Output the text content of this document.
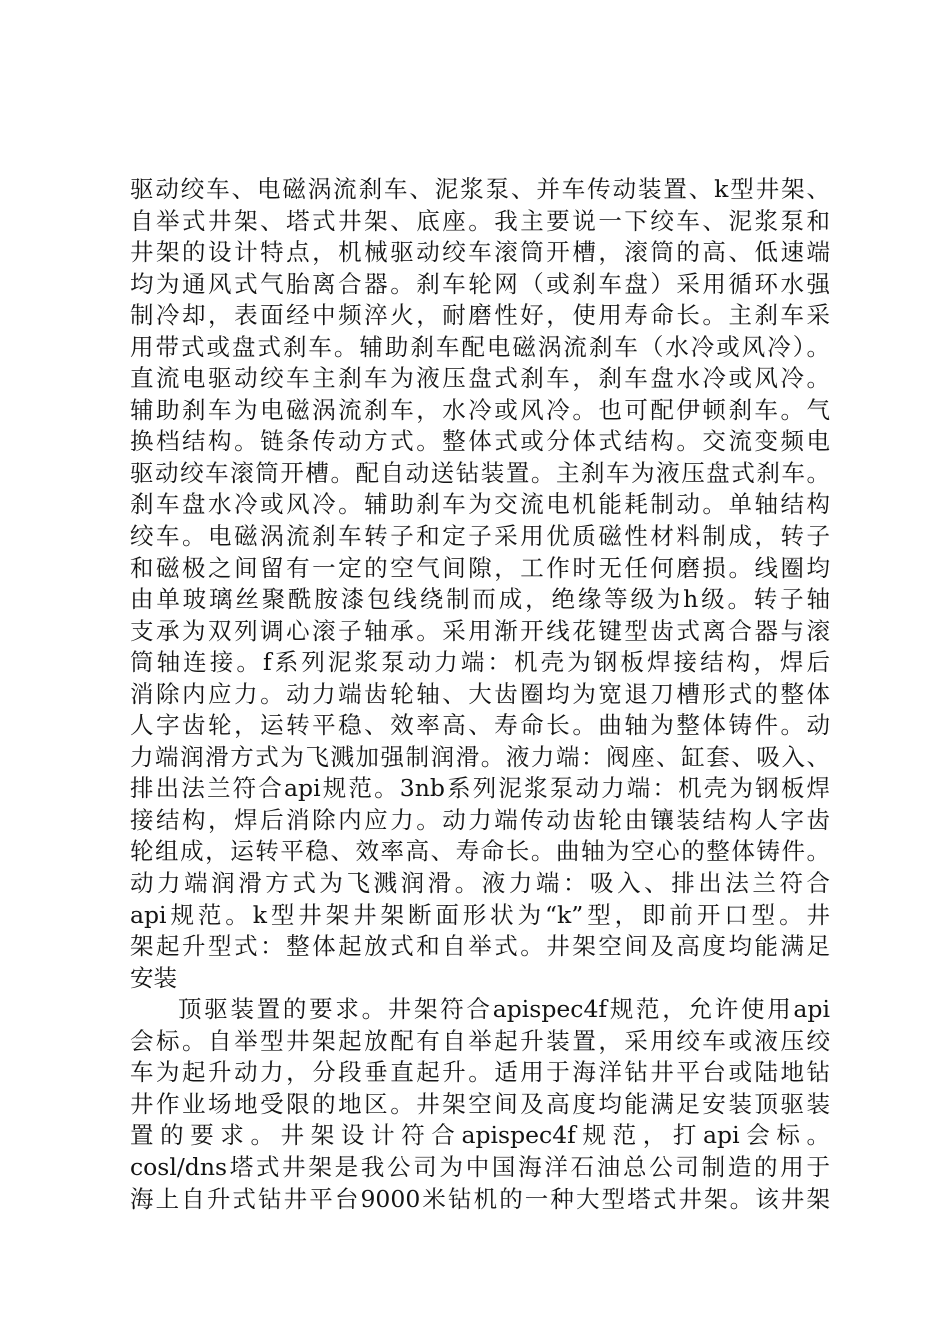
驱动绞车、电磁涡流刹车、泥浆泵、并车传动装置、k型井架、
自举式井架、塔式井架、底座。我主要说一下绞车、泥浆泵和
井架的设计特点，机械驱动绞车滚筒开槽，滚筒的高、低速端
均为通风式气胎离合器。刹车轮网（或刹车盘）采用循环水强
制冷却，表面经中频淬火，耐磨性好，使用寿命长。主刹车采
用带式或盘式刹车。辅助刹车配电磁涡流刹车（水冷或风冷）。
直流电驱动绞车主刹车为液压盘式刹车，刹车盘水冷或风冷。
辅助刹车为电磁涡流刹车，水冷或风冷。也可配伊顿刹车。气
换档结构。链条传动方式。整体式或分体式结构。交流变频电
驱动绞车滚筒开槽。配自动送钻装置。主刹车为液压盘式刹车。
刹车盘水冷或风冷。辅助刹车为交流电机能耗制动。单轴结构
绞车。电磁涡流刹车转子和定子采用优质磁性材料制成，转子
和磁极之间留有一定的空气间隙，工作时无任何磨损。线圈均
由单玻璃丝聚酰胺漆包线绕制而成，绝缘等级为h级。转子轴
支承为双列调心滚子轴承。采用渐开线花键型齿式离合器与滚
筒轴连接。f系列泥浆泵动力端：机壳为钢板焊接结构，焊后
消除内应力。动力端齿轮轴、大齿圈均为宽退刀槽形式的整体
人字齿轮，运转平稳、效率高、寿命长。曲轴为整体铸件。动
力端润滑方式为飞溅加强制润滑。液力端：阀座、缸套、吸入、
排出法兰符合api规范。3nb系列泥浆泵动力端：机壳为钢板焊
接结构，焊后消除内应力。动力端传动齿轮由镶装结构人字齿
轮组成，运转平稳、效率高、寿命长。曲轴为空心的整体铸件。
动力端润滑方式为飞溅润滑。液力端：吸入、排出法兰符合
api规范。k型井架井架断面形状为“k”型，即前开口型。井
架起升型式：整体起放式和自举式。井架空间及高度均能满足
安装
顶驱装置的要求。井架符合apispec4f规范，允许使用api
会标。自举型井架起放配有自举起升装置，采用绞车或液压绞
车为起升动力，分段垂直起升。适用于海洋钻井平台或陆地钻
井作业场地受限的地区。井架空间及高度均能满足安装顶驱装
置的要求。井架设计符合apispec4f规范，打api会标。
cosl/dns塔式井架是我公司为中国海洋石油总公司制造的用于
海上自升式钻井平台9000米钻机的一种大型塔式井架。该井架
